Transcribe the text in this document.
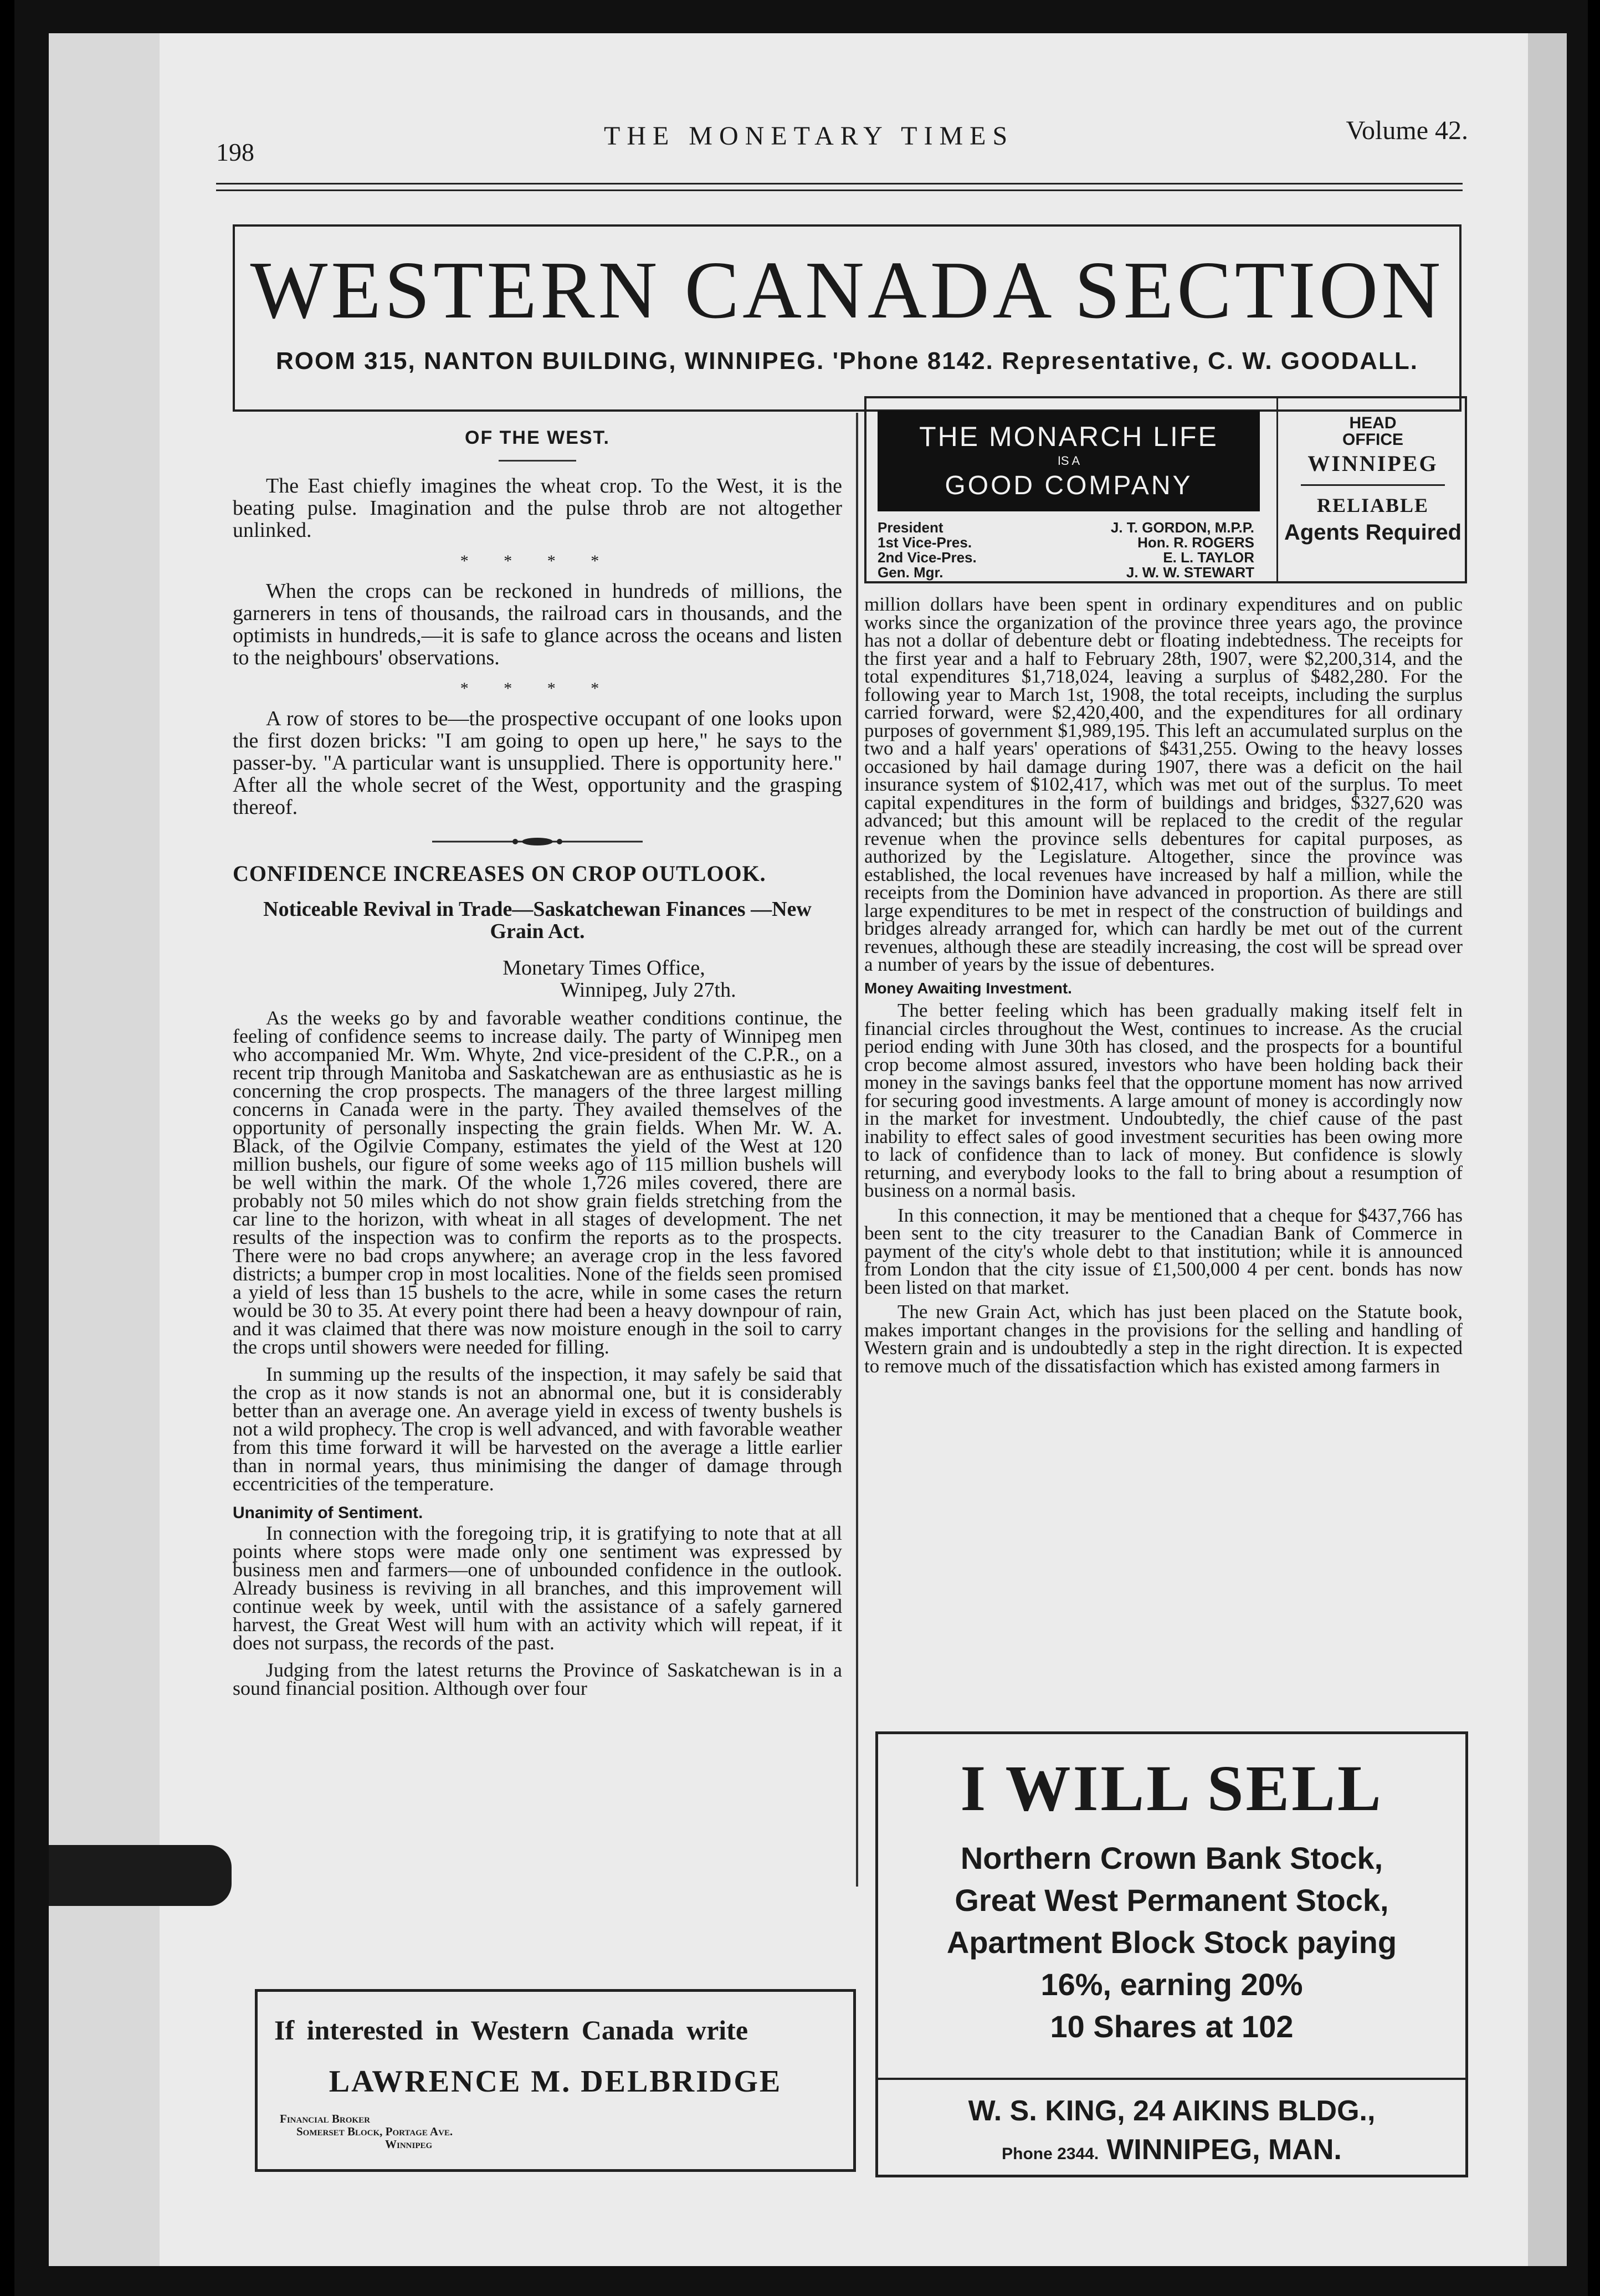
198
THE MONETARY TIMES	Volume 42.
WESTERN CANADA SECTION
ROOM 315, NANTON BUILDING, WINNIPEG. 'Phone 8142. Representative, C. W. GOODALL.
OF THE WEST.

The East chiefly imagines the wheat crop. To the West, it is the beating pulse. Imagination and the pulse throb are not altogether unlinked.

* * * *

When the crops can be reckoned in hundreds of millions, the garnerers in tens of thousands, the railroad cars in thousands, and the optimists in hundreds,—it is safe to glance across the oceans and listen to the neighbours' observations.

* * * *

A row of stores to be—the prospective occupant of one looks upon the first dozen bricks: "I am going to open up here," he says to the passer-by. "A particular want is unsupplied. There is opportunity here." After all the whole secret of the West, opportunity and the grasping thereof.

CONFIDENCE INCREASES ON CROP OUTLOOK.
Noticeable Revival in Trade—Saskatchewan Finances —New Grain Act.
Monetary Times Office,
Winnipeg, July 27th.

As the weeks go by and favorable weather conditions continue, the feeling of confidence seems to increase daily. The party of Winnipeg men who accompanied Mr. Wm. Whyte, 2nd vice-president of the C.P.R., on a recent trip through Manitoba and Saskatchewan are as enthusiastic as he is concerning the crop prospects. The managers of the three largest milling concerns in Canada were in the party. They availed themselves of the opportunity of personally inspecting the grain fields. When Mr. W. A. Black, of the Ogilvie Company, estimates the yield of the West at 120 million bushels, our figure of some weeks ago of 115 million bushels will be well within the mark. Of the whole 1,726 miles covered, there are probably not 50 miles which do not show grain fields stretching from the car line to the horizon, with wheat in all stages of development. The net results of the inspection was to confirm the reports as to the prospects. There were no bad crops anywhere; an average crop in the less favored districts; a bumper crop in most localities. None of the fields seen promised a yield of less than 15 bushels to the acre, while in some cases the return would be 30 to 35. At every point there had been a heavy downpour of rain, and it was claimed that there was now moisture enough in the soil to carry the crops until showers were needed for filling.

In summing up the results of the inspection, it may safely be said that the crop as it now stands is not an abnormal one, but it is considerably better than an average one. An average yield in excess of twenty bushels is not a wild prophecy. The crop is well advanced, and with favorable weather from this time forward it will be harvested on the average a little earlier than in normal years, thus minimising the danger of damage through eccentricities of the temperature.

Unanimity of Sentiment.

In connection with the foregoing trip, it is gratifying to note that at all points where stops were made only one sentiment was expressed by business men and farmers—one of unbounded confidence in the outlook. Already business is reviving in all branches, and this improvement will continue week by week, until with the assistance of a safely garnered harvest, the Great West will hum with an activity which will repeat, if it does not surpass, the records of the past.

Judging from the latest returns the Province of Saskatchewan is in a sound financial position. Although over four

THE MONARCH LIFE
IS A
GOOD COMPANY
President	J. T. GORDON, M.P.P.
1st Vice-Pres.	Hon. R. ROGERS
2nd Vice-Pres.	E. L. TAYLOR
Gen. Mgr.	J. W. W. STEWART
HEAD
OFFICE
WINNIPEG
RELIABLE
Agents Required

million dollars have been spent in ordinary expenditures and on public works since the organization of the province three years ago, the province has not a dollar of debenture debt or floating indebtedness. The receipts for the first year and a half to February 28th, 1907, were $2,200,314, and the total expenditures $1,718,024, leaving a surplus of $482,280. For the following year to March 1st, 1908, the total receipts, including the surplus carried forward, were $2,420,400, and the expenditures for all ordinary purposes of government $1,989,195. This left an accumulated surplus on the two and a half years' operations of $431,255. Owing to the heavy losses occasioned by hail damage during 1907, there was a deficit on the hail insurance system of $102,417, which was met out of the surplus. To meet capital expenditures in the form of buildings and bridges, $327,620 was advanced; but this amount will be replaced to the credit of the regular revenue when the province sells debentures for capital purposes, as authorized by the Legislature. Altogether, since the province was established, the local revenues have increased by half a million, while the receipts from the Dominion have advanced in proportion. As there are still large expenditures to be met in respect of the construction of buildings and bridges already arranged for, which can hardly be met out of the current revenues, although these are steadily increasing, the cost will be spread over a number of years by the issue of debentures.

Money Awaiting Investment.

The better feeling which has been gradually making itself felt in financial circles throughout the West, continues to increase. As the crucial period ending with June 30th has closed, and the prospects for a bountiful crop become almost assured, investors who have been holding back their money in the savings banks feel that the opportune moment has now arrived for securing good investments. A large amount of money is accordingly now in the market for investment. Undoubtedly, the chief cause of the past inability to effect sales of good investment securities has been owing more to lack of confidence than to lack of money. But confidence is slowly returning, and everybody looks to the fall to bring about a resumption of business on a normal basis.

In this connection, it may be mentioned that a cheque for $437,766 has been sent to the city treasurer to the Canadian Bank of Commerce in payment of the city's whole debt to that institution; while it is announced from London that the city issue of £1,500,000 4 per cent. bonds has now been listed on that market.

The new Grain Act, which has just been placed on the Statute book, makes important changes in the provisions for the selling and handling of Western grain and is undoubtedly a step in the right direction. It is expected to remove much of the dissatisfaction which has existed among farmers in

I WILL SELL
Northern Crown Bank Stock,
Great West Permanent Stock,
Apartment Block Stock paying
16%, earning 20%
10 Shares at 102
W. S. KING, 24 AIKINS BLDG.,
Phone 2344. WINNIPEG, MAN.
If interested in Western Canada write
LAWRENCE M. DELBRIDGE
Financial Broker
Somerset Block, Portage Ave.
Winnipeg
